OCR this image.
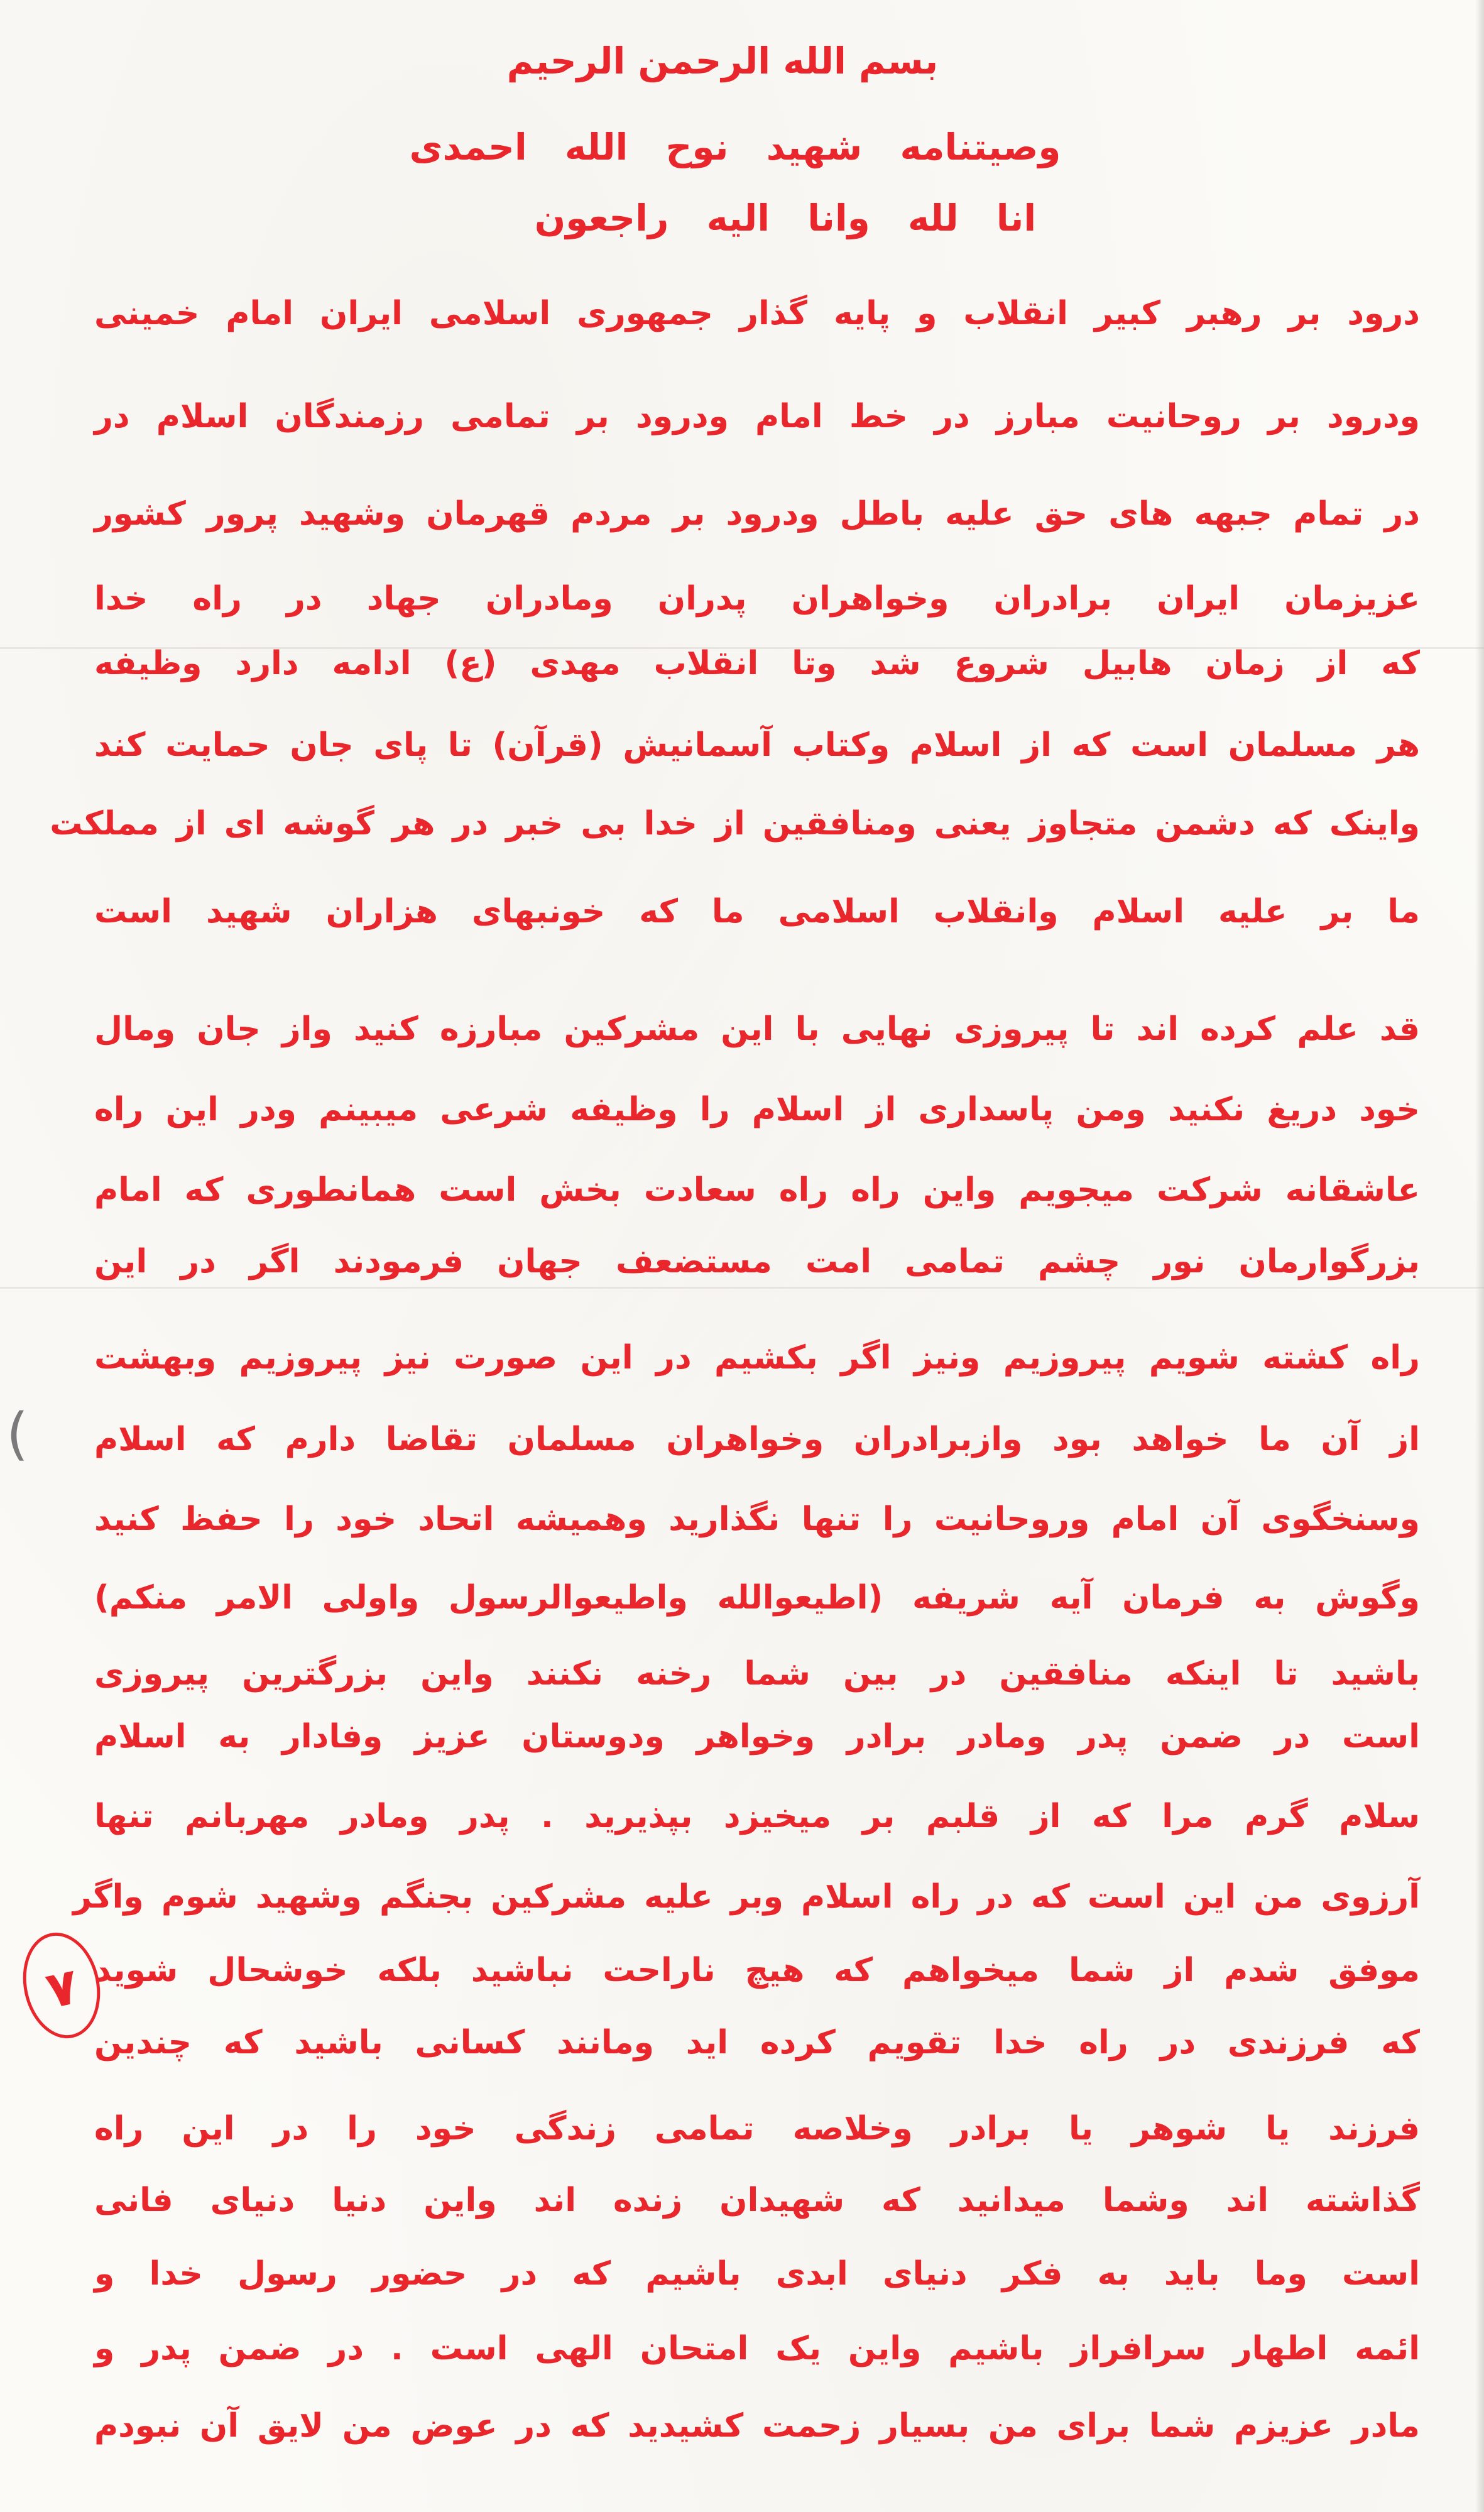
بسم الله الرحمن الرحیم
وصیتنامه شهید نوح الله احمدی
انا لله وانا الیه راجعون
درود بر رهبر کبیر انقلاب و پایه گذار جمهوری اسلامی ایران امام خمینی
ودرود بر روحانیت مبارز در خط امام ودرود بر تمامی رزمندگان اسلام در
در تمام جبهه های حق علیه باطل ودرود بر مردم قهرمان وشهید پرور کشور
عزیزمان ایران برادران وخواهران پدران ومادران جهاد در راه خدا
که از زمان هابیل شروع شد وتا انقلاب مهدی (ع) ادامه دارد وظیفه
هر مسلمان است که از اسلام وکتاب آسمانیش (قرآن) تا پای جان حمایت کند
واینک که دشمن متجاوز یعنی ومنافقین از خدا بی خبر در هر گوشه ای از مملکت
ما بر علیه اسلام وانقلاب اسلامی ما که خونبهای هزاران شهید است
قد علم کرده اند تا پیروزی نهایی با این مشرکین مبارزه کنید واز جان ومال
خود دریغ نکنید ومن پاسداری از اسلام را وظیفه شرعی میبینم ودر این راه
عاشقانه شرکت میجویم واین راه راه سعادت بخش است همانطوری که امام
بزرگوارمان نور چشم تمامی امت مستضعف جهان فرمودند اگر در این
راه کشته شویم پیروزیم ونیز اگر بکشیم در این صورت نیز پیروزیم وبهشت
از آن ما خواهد بود وازبرادران وخواهران مسلمان تقاضا دارم که اسلام
وسنخگوی آن امام وروحانیت را تنها نگذارید وهمیشه اتحاد خود را حفظ کنید
وگوش به فرمان آیه شریفه (اطیعوالله واطیعوالرسول واولی الامر منکم)
باشید تا اینکه منافقین در بین شما رخنه نکنند واین بزرگترین پیروزی
است در ضمن پدر ومادر برادر وخواهر ودوستان عزیز وفادار به اسلام
سلام گرم مرا که از قلبم بر میخیزد بپذیرید . پدر ومادر مهربانم تنها
آرزوی من این است که در راه اسلام وبر علیه مشرکین بجنگم وشهید شوم واگر
موفق شدم از شما میخواهم که هیچ ناراحت نباشید بلکه خوشحال شوید
که فرزندی در راه خدا تقویم کرده اید ومانند کسانی باشید که چندین
فرزند یا شوهر یا برادر وخلاصه تمامی زندگی خود را در این راه
گذاشته اند وشما میدانید که شهیدان زنده اند واین دنیا دنیای فانی
است وما باید به فکر دنیای ابدی باشیم که در حضور رسول خدا و
ائمه اطهار سرافراز باشیم واین یک امتحان الهی است . در ضمن پدر و
مادر عزیزم شما برای من بسیار زحمت کشیدید که در عوض من لایق آن نبودم
(
۷
